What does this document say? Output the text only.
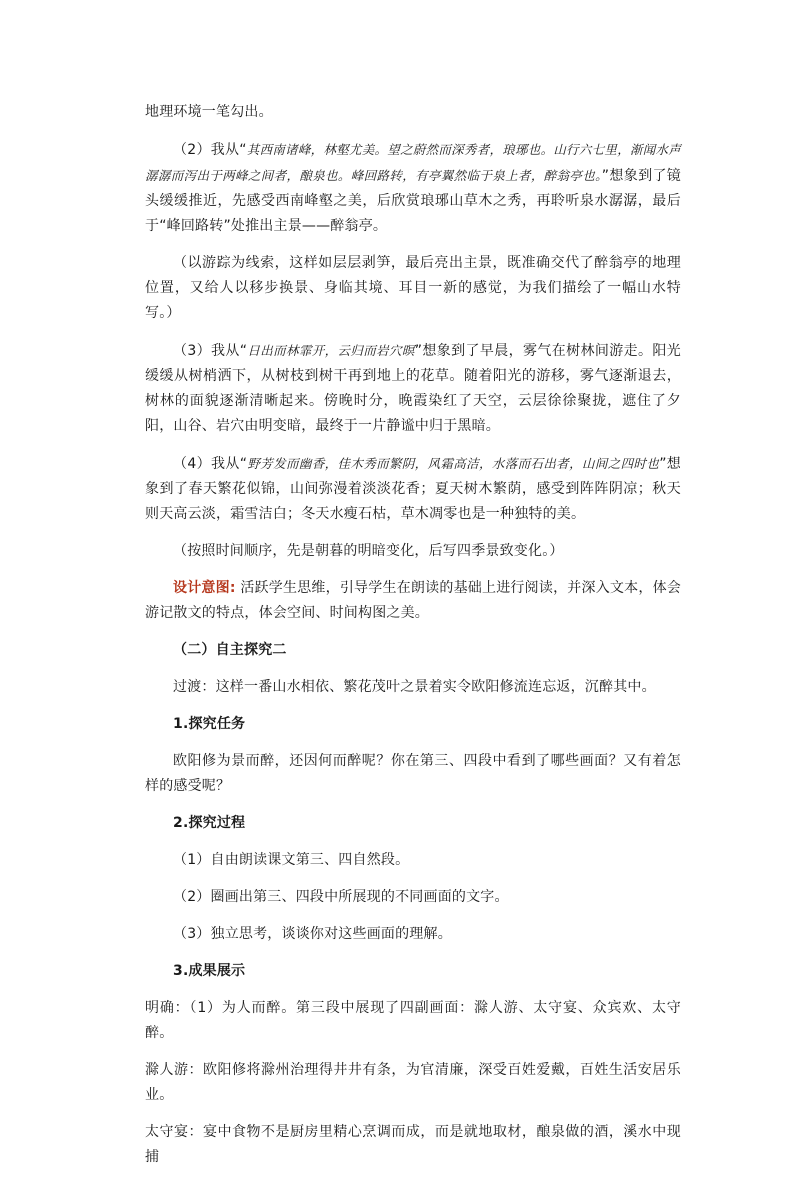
地理环境一笔勾出。

（2）我从“其西南诸峰，林壑尤美。望之蔚然而深秀者，琅琊也。山行六七里，渐闻水声潺潺而泻出于两峰之间者，酿泉也。峰回路转，有亭翼然临于泉上者，醉翁亭也。”想象到了镜头缓缓推近，先感受西南峰壑之美，后欣赏琅琊山草木之秀，再聆听泉水潺潺，最后于“峰回路转”处推出主景——醉翁亭。

（以游踪为线索，这样如层层剥笋，最后亮出主景，既准确交代了醉翁亭的地理位置，又给人以移步换景、身临其境、耳目一新的感觉，为我们描绘了一幅山水特写。）

（3）我从“日出而林霏开，云归而岩穴暝”想象到了早晨，雾气在树林间游走。阳光缓缓从树梢洒下，从树枝到树干再到地上的花草。随着阳光的游移，雾气逐渐退去，树林的面貌逐渐清晰起来。傍晚时分，晚霞染红了天空，云层徐徐聚拢，遮住了夕阳，山谷、岩穴由明变暗，最终于一片静谧中归于黑暗。

（4）我从“野芳发而幽香，佳木秀而繁阴，风霜高洁，水落而石出者，山间之四时也”想象到了春天繁花似锦，山间弥漫着淡淡花香；夏天树木繁荫，感受到阵阵阴凉；秋天则天高云淡，霜雪洁白；冬天水瘦石枯，草木凋零也是一种独特的美。

（按照时间顺序，先是朝暮的明暗变化，后写四季景致变化。）

设计意图: 活跃学生思维，引导学生在朗读的基础上进行阅读，并深入文本，体会游记散文的特点，体会空间、时间构图之美。

（二）自主探究二

过渡：这样一番山水相依、繁花茂叶之景着实令欧阳修流连忘返，沉醉其中。

1.探究任务

欧阳修为景而醉，还因何而醉呢？你在第三、四段中看到了哪些画面？又有着怎样的感受呢？

2.探究过程

（1）自由朗读课文第三、四自然段。

（2）圈画出第三、四段中所展现的不同画面的文字。

（3）独立思考，谈谈你对这些画面的理解。

3.成果展示

明确：（1）为人而醉。第三段中展现了四副画面：滁人游、太守宴、众宾欢、太守醉。

滁人游：欧阳修将滁州治理得井井有条，为官清廉，深受百姓爱戴，百姓生活安居乐业。

太守宴：宴中食物不是厨房里精心烹调而成，而是就地取材，酿泉做的酒，溪水中现捕
